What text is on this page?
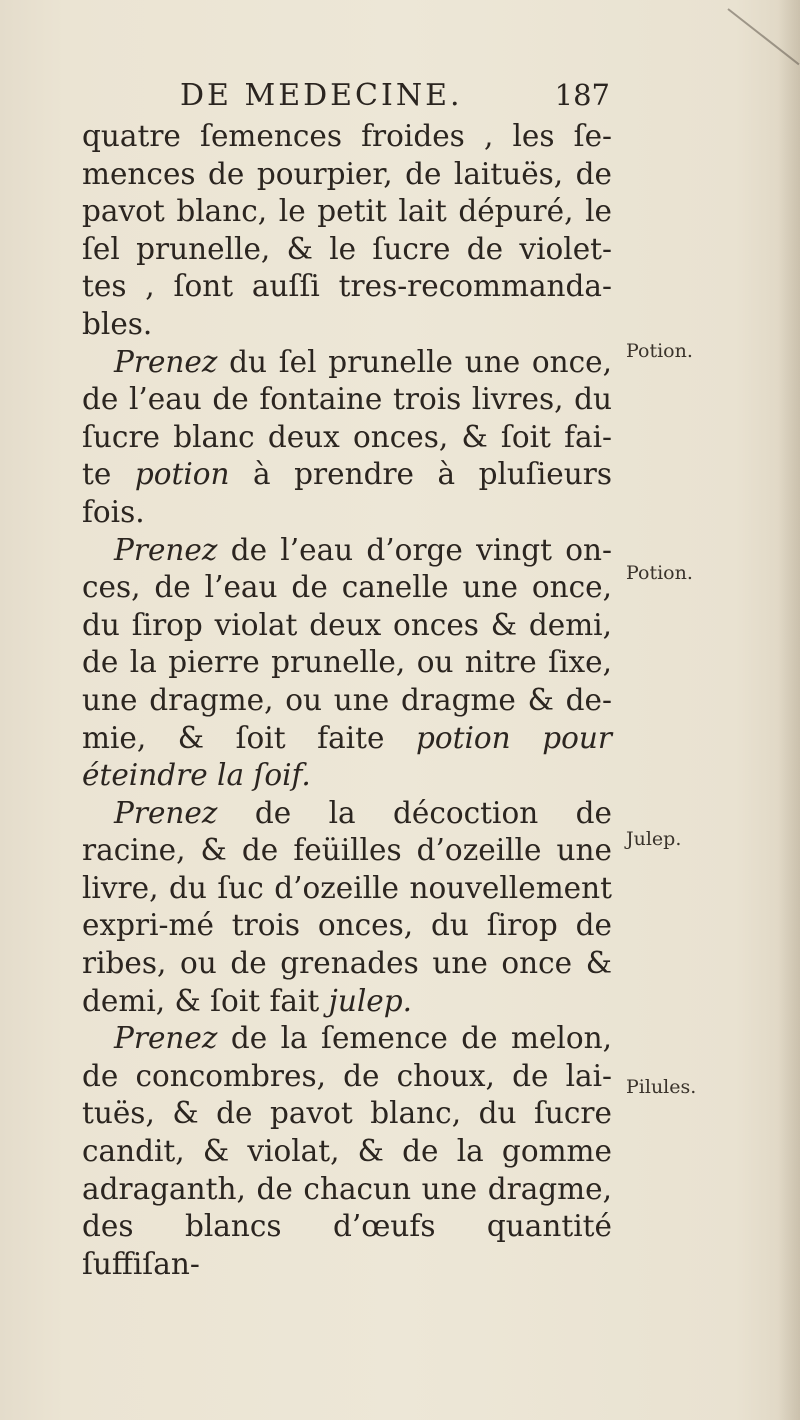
DE MEDECINE.	187

quatre ſemences froides , les ſe-mences de pourpier, de laituës, de pavot blanc, le petit lait dépuré, le ſel prunelle, & le ſucre de violet-tes , ſont auſſi tres-recommanda-bles.

Prenez du ſel prunelle une once, de l’eau de fontaine trois livres, du ſucre blanc deux onces, & ſoit fai-te potion à prendre à pluſieurs fois.

Prenez de l’eau d’orge vingt on-ces, de l’eau de canelle une once, du ſirop violat deux onces & demi, de la pierre prunelle, ou nitre ſixe, une dragme, ou une dragme & de-mie, & ſoit faite potion pour éteindre la ſoif.

Prenez de la décoction de racine, & de feüilles d’ozeille une livre, du ſuc d’ozeille nouvellement expri-mé trois onces, du ſirop de ribes, ou de grenades une once & demi, & ſoit fait julep.

Prenez de la ſemence de melon, de concombres, de choux, de lai-tuës, & de pavot blanc, du ſucre candit, & violat, & de la gomme adraganth, de chacun une dragme, des blancs d’œufs quantité ſuffiſan-

Potion.
Potion.
Julep.
Pilules.
